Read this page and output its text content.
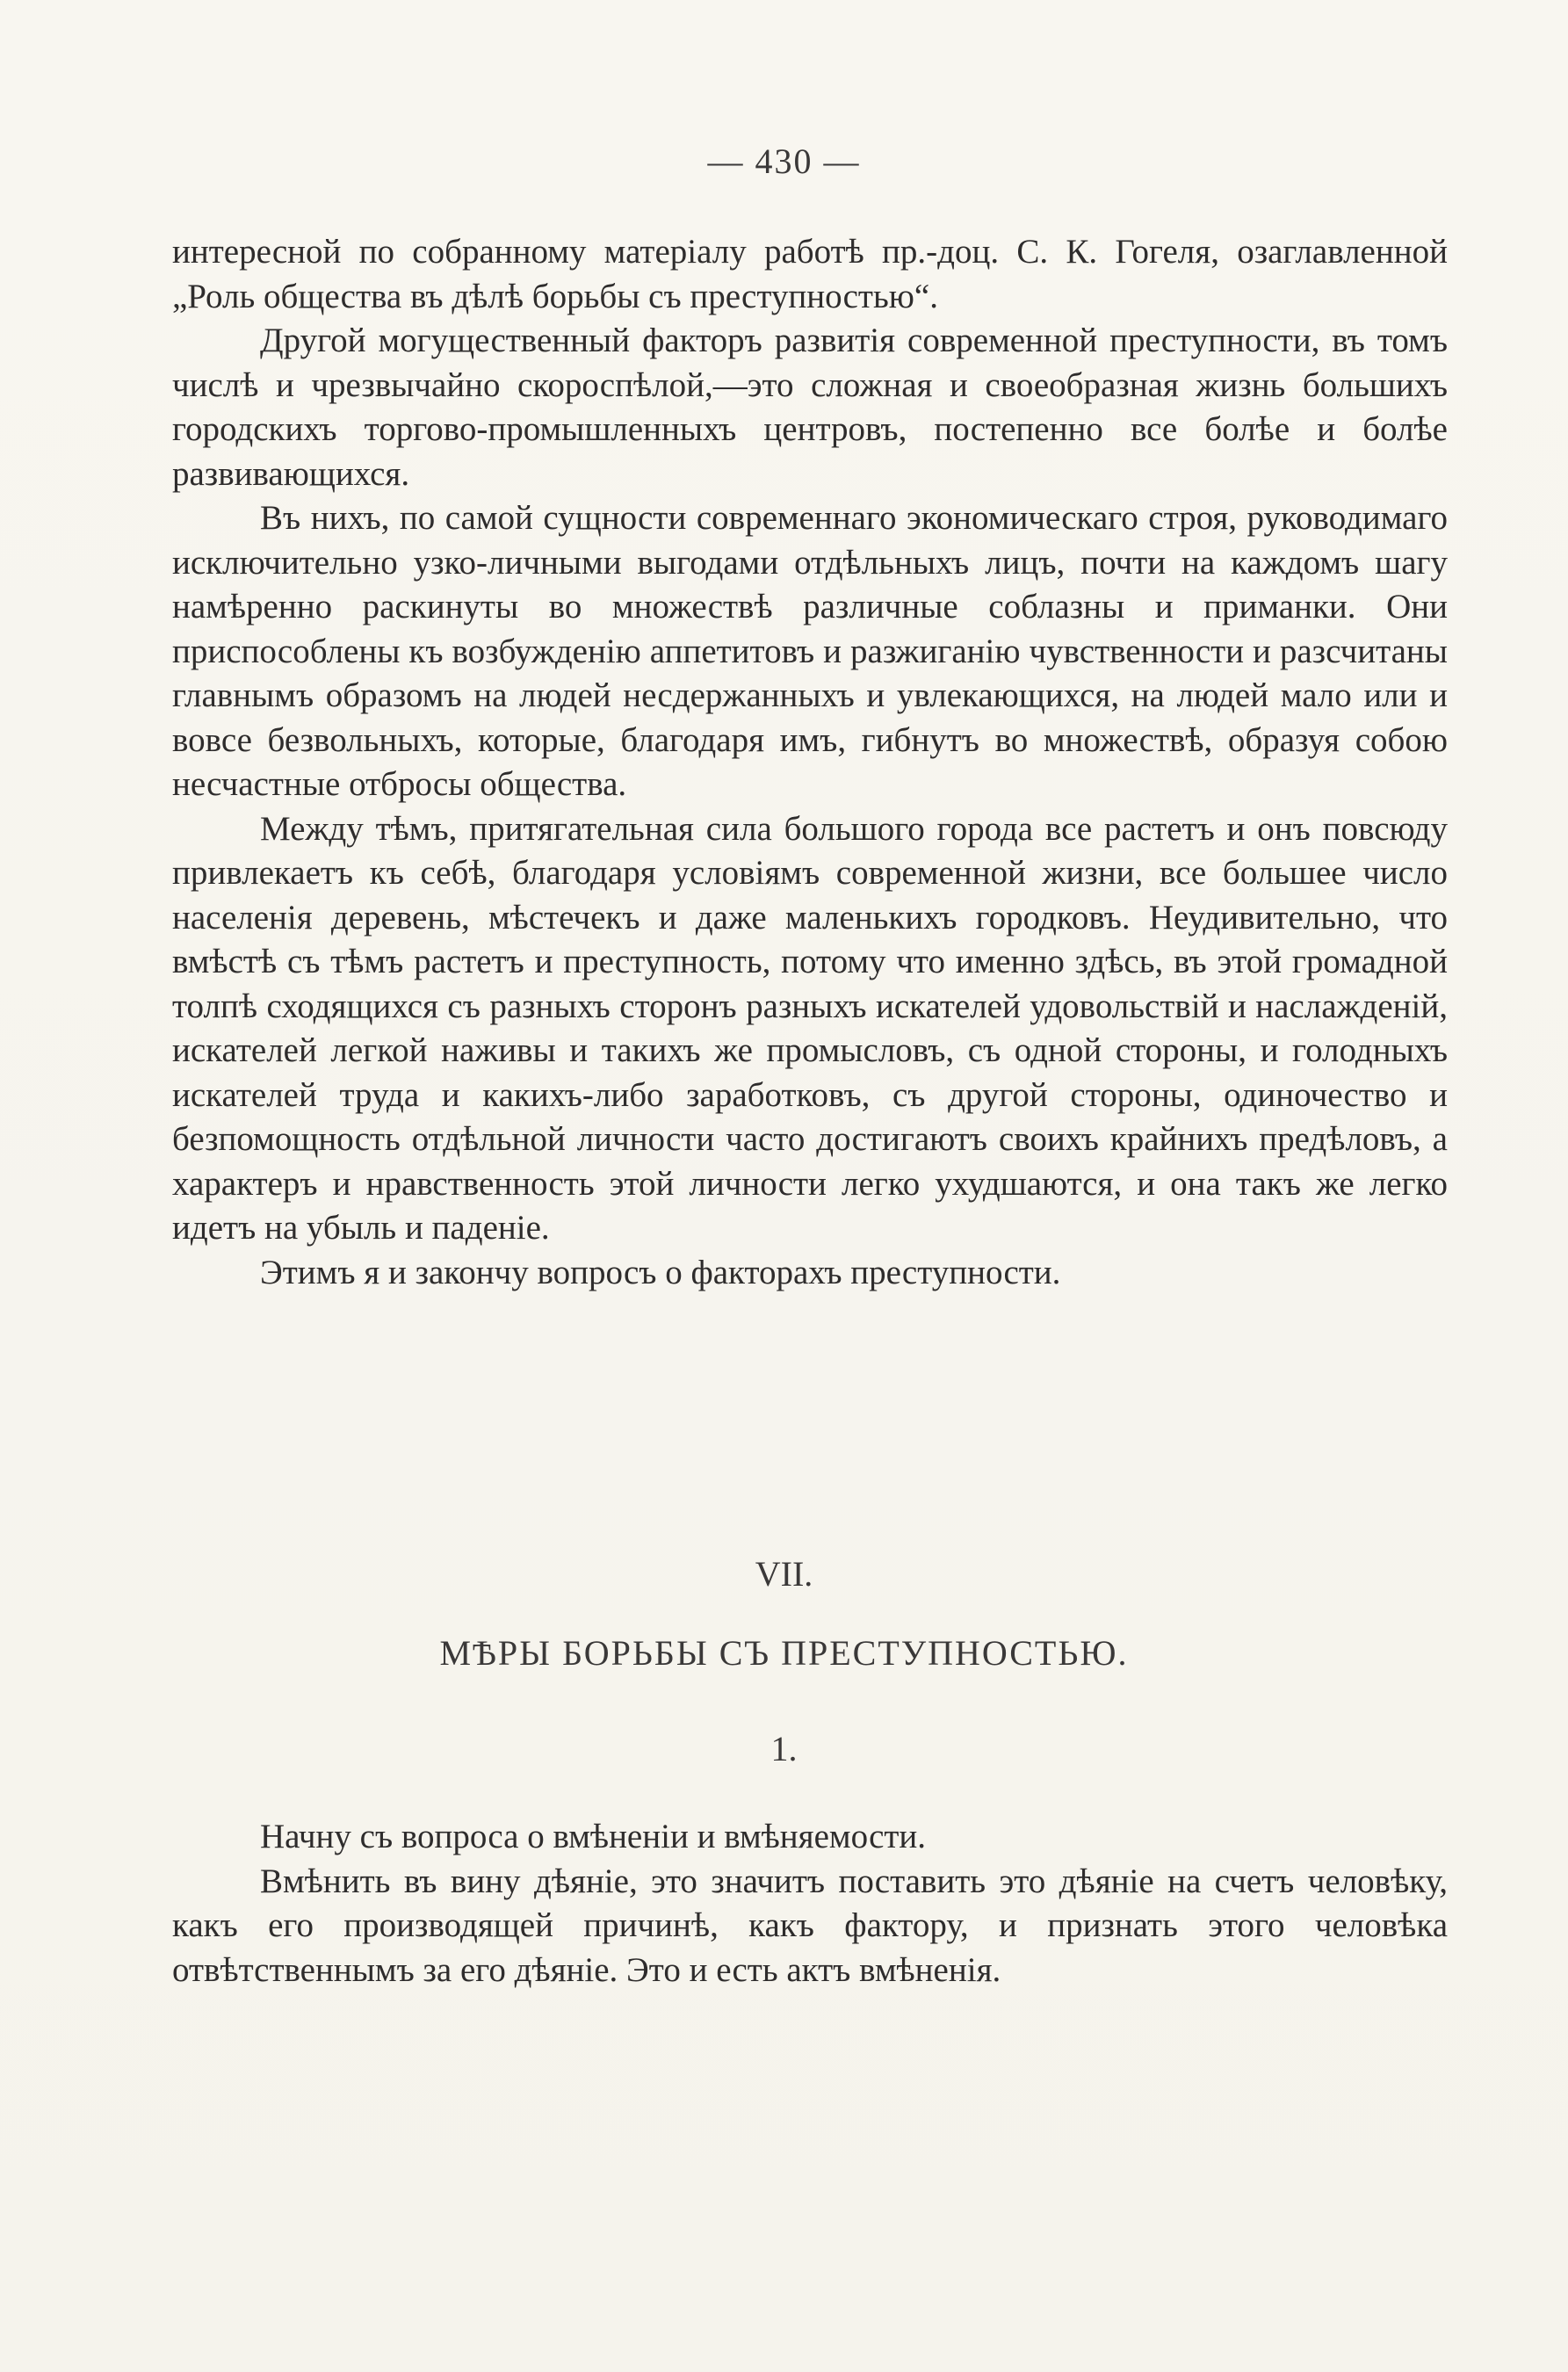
— 430 —

интересной по собранному матеріалу работѣ пр.-доц. С. К. Гогеля, озаглавленной „Роль общества въ дѣлѣ борьбы съ преступностью“.

Другой могущественный факторъ развитія современной преступности, въ томъ числѣ и чрезвычайно скороспѣлой,—это сложная и своеобразная жизнь большихъ городскихъ торгово-промышленныхъ центровъ, постепенно все болѣе и болѣе развивающихся.

Въ нихъ, по самой сущности современнаго экономическаго строя, руководимаго исключительно узко-личными выгодами отдѣльныхъ лицъ, почти на каждомъ шагу намѣренно раскинуты во множествѣ различные соблазны и приманки. Они приспособлены къ возбужденію аппетитовъ и разжиганію чувственности и разсчитаны главнымъ образомъ на людей несдержанныхъ и увлекающихся, на людей мало или и вовсе безвольныхъ, которые, благодаря имъ, гибнутъ во множествѣ, образуя собою несчастные отбросы общества.

Между тѣмъ, притягательная сила большого города все растетъ и онъ повсюду привлекаетъ къ себѣ, благодаря условіямъ современной жизни, все большее число населенія деревень, мѣстечекъ и даже маленькихъ городковъ. Неудивительно, что вмѣстѣ съ тѣмъ растетъ и преступность, потому что именно здѣсь, въ этой громадной толпѣ сходящихся съ разныхъ сторонъ разныхъ искателей удовольствій и наслажденій, искателей легкой наживы и такихъ же промысловъ, съ одной стороны, и голодныхъ искателей труда и какихъ-либо заработковъ, съ другой стороны, одиночество и безпомощность отдѣльной личности часто достигаютъ своихъ крайнихъ предѣловъ, а характеръ и нравственность этой личности легко ухудшаются, и она такъ же легко идетъ на убыль и паденіе.

Этимъ я и закончу вопросъ о факторахъ преступности.

VII.
МѢРЫ БОРЬБЫ СЪ ПРЕСТУПНОСТЬЮ.
1.

Начну съ вопроса о вмѣненіи и вмѣняемости.

Вмѣнить въ вину дѣяніе, это значитъ поставить это дѣяніе на счетъ человѣку, какъ его производящей причинѣ, какъ фактору, и признать этого человѣка отвѣтственнымъ за его дѣяніе. Это и есть актъ вмѣненія.
